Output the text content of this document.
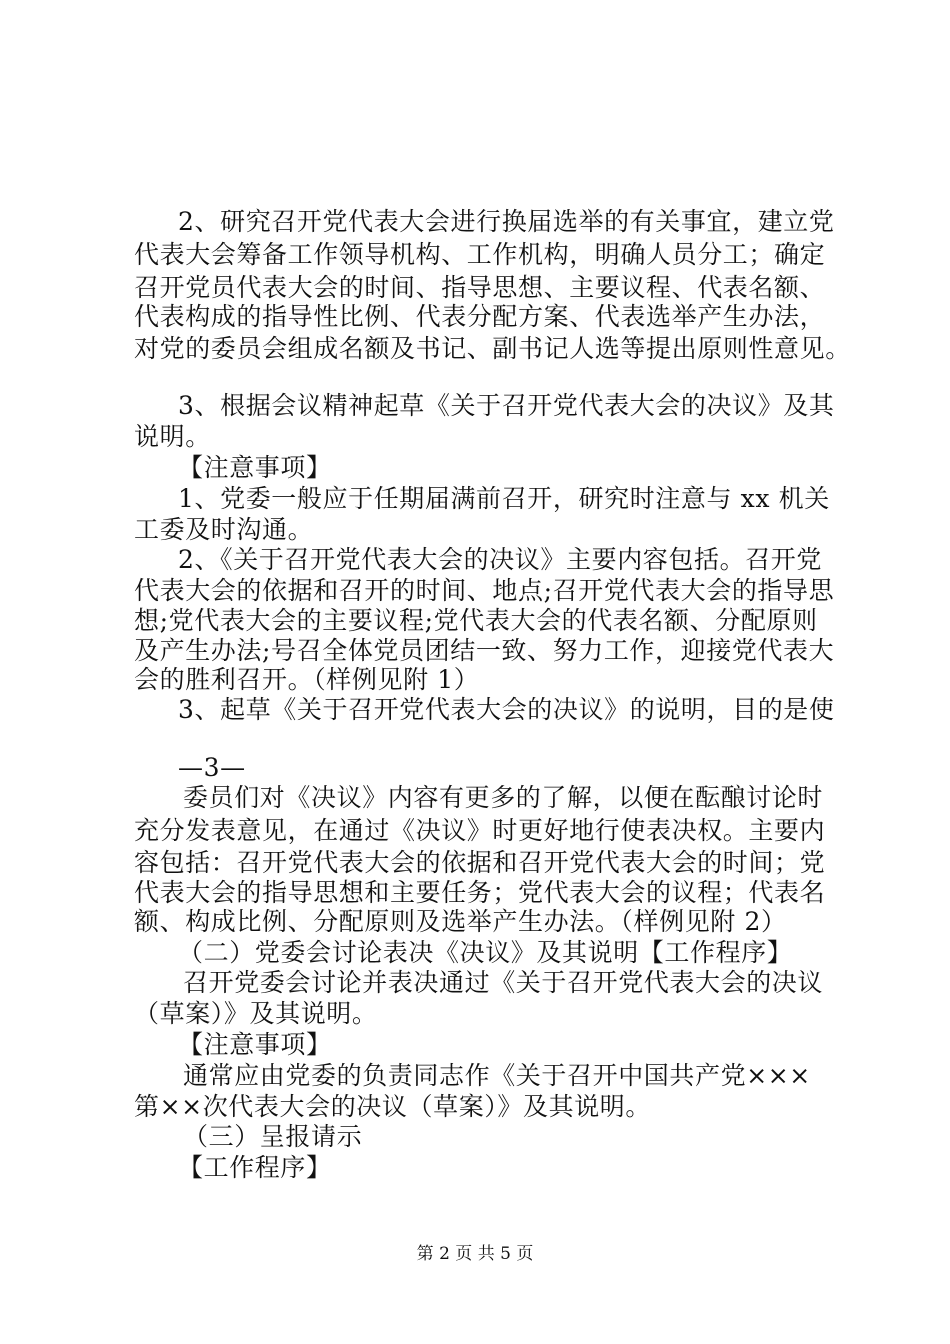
2、研究召开党代表大会进行换届选举的有关事宜，建立党
代表大会筹备工作领导机构、工作机构，明确人员分工；确定
召开党员代表大会的时间、指导思想、主要议程、代表名额、
代表构成的指导性比例、代表分配方案、代表选举产生办法，
对党的委员会组成名额及书记、副书记人选等提出原则性意见。
3、根据会议精神起草《关于召开党代表大会的决议》及其
说明。
【注意事项】
1、党委一般应于任期届满前召开，研究时注意与 xx 机关
工委及时沟通。
2、《关于召开党代表大会的决议》主要内容包括。召开党
代表大会的依据和召开的时间、地点;召开党代表大会的指导思
想;党代表大会的主要议程;党代表大会的代表名额、分配原则
及产生办法;号召全体党员团结一致、努力工作，迎接党代表大
会的胜利召开。（样例见附 1）
3、起草《关于召开党代表大会的决议》的说明，目的是使
—3—
委员们对《决议》内容有更多的了解，以便在酝酿讨论时
充分发表意见，在通过《决议》时更好地行使表决权。主要内
容包括：召开党代表大会的依据和召开党代表大会的时间；党
代表大会的指导思想和主要任务；党代表大会的议程；代表名
额、构成比例、分配原则及选举产生办法。（样例见附 2）
（二）党委会讨论表决《决议》及其说明【工作程序】
召开党委会讨论并表决通过《关于召开党代表大会的决议
（草案）》及其说明。
【注意事项】
通常应由党委的负责同志作《关于召开中国共产党×××
第××次代表大会的决议（草案）》及其说明。
（三）呈报请示
【工作程序】
第 2 页 共 5 页
